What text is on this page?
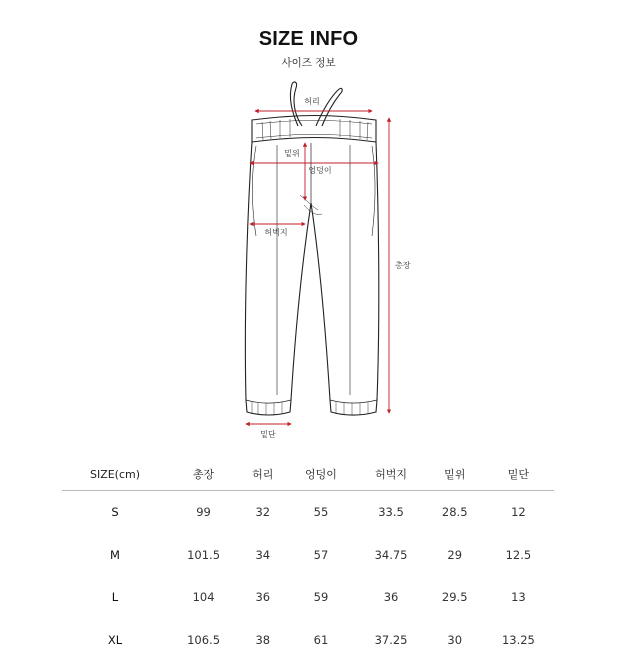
SIZE INFO
사이즈 정보
허리
밑위
엉덩이
허벅지
총장
밑단
SIZE(cm)	총장	허리	엉덩이	허벅지	밑위	밑단
S	99	32	55	33.5	28.5	12
M	101.5	34	57	34.75	29	12.5
L	104	36	59	36	29.5	13
XL	106.5	38	61	37.25	30	13.25
